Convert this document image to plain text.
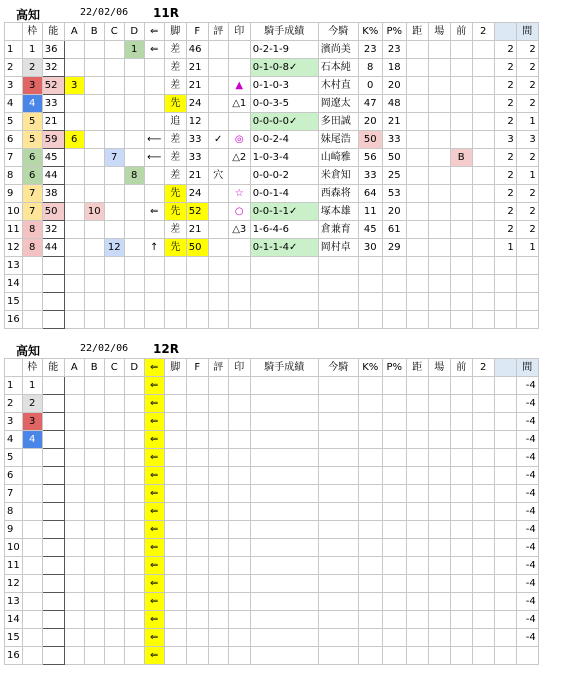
高知	22/02/06 11R
	枠	能	A	B	C	D	⇐	脚	F	評	印	騎手成績	今騎	K%	P%	距	場	前	2		間
1	1	36				1	⇐	差	46			0-2-1-9	濱尚美	23	23					2	2
2	2	32						差	21			0-1-0-8✓	石本純	8	18					2	2
3	3	52	3					差	21		▲	0-1-0-3	木村直	0	20					2	2
4	4	33						先	24		△1	0-0-3-5	岡遼太	47	48					2	2
5	5	21						追	12			0-0-0-0✓	多田誠	20	21					2	1
6	5	59	6				⟵	差	33	✓	◎	0-0-2-4	妹尾浩	50	33					3	3
7	6	45			7		⟵	差	33		△2	1-0-3-4	山崎雅	56	50			B		2	2
8	6	44				8		差	21	穴		0-0-0-2	米倉知	33	25					2	1
9	7	38						先	24		☆	0-0-1-4	西森将	64	53					2	2
10	7	50		10			⇐	先	52		○	0-0-1-1✓	塚本雄	11	20					2	2
11	8	32						差	21		△3	1-6-4-6	倉兼育	45	61					2	2
12	8	44			12		↑	先	50			0-1-1-4✓	岡村卓	30	29					1	1
13																					
14																					
15																					
16																					
高知	22/02/06 12R
	枠	能	A	B	C	D	⇐	脚	F	評	印	騎手成績	今騎	K%	P%	距	場	前	2		間
1	1						⇐														-4
2	2						⇐														-4
3	3						⇐														-4
4	4						⇐														-4
5							⇐														-4
6							⇐														-4
7							⇐														-4
8							⇐														-4
9							⇐														-4
10							⇐														-4
11							⇐														-4
12							⇐														-4
13							⇐														-4
14							⇐														-4
15							⇐														-4
16							⇐														
